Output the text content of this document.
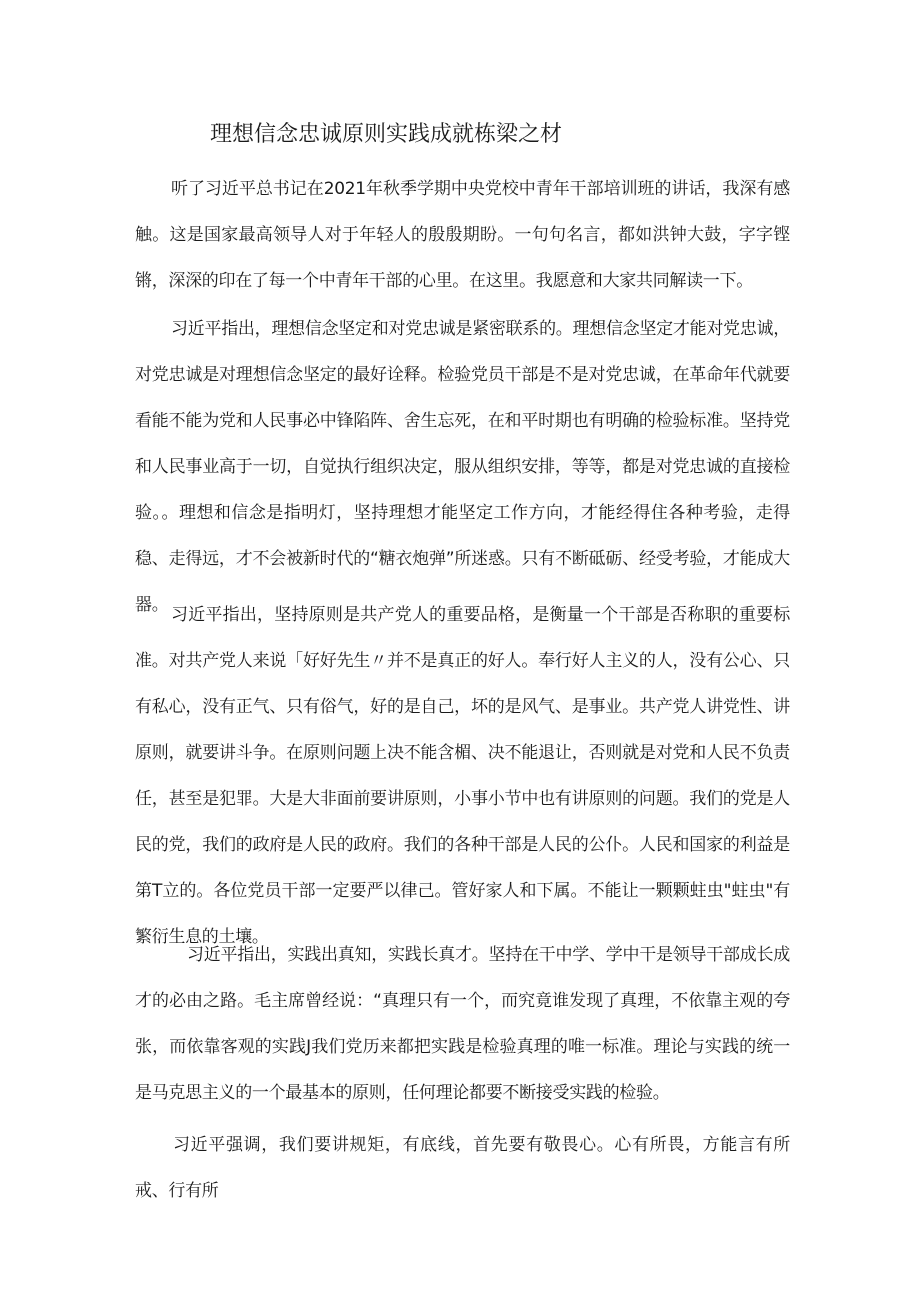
理想信念忠诚原则实践成就栋梁之材

听了习近平总书记在2021年秋季学期中央党校中青年干部培训班的讲话，我深有感触。这是国家最高领导人对于年轻人的殷殷期盼。一句句名言，都如洪钟大鼓，字字铿锵，深深的印在了每一个中青年干部的心里。在这里。我愿意和大家共同解读一下。

习近平指出，理想信念坚定和对党忠诚是紧密联系的。理想信念坚定才能对党忠诚，对党忠诚是对理想信念坚定的最好诠释。检验党员干部是不是对党忠诚，在革命年代就要看能不能为党和人民事必中锋陷阵、舍生忘死，在和平时期也有明确的检验标准。坚持党和人民事业高于一切，自觉执行组织决定，服从组织安排，等等，都是对党忠诚的直接检验。。理想和信念是指明灯，坚持理想才能坚定工作方向，才能经得住各种考验，走得稳、走得远，才不会被新时代的“糖衣炮弹”所迷惑。只有不断砥砺、经受考验，才能成大器。 习近平指出，坚持原则是共产党人的重要品格，是衡量一个干部是否称职的重要标准。对共产党人来说「好好先生〃并不是真正的好人。奉行好人主义的人，没有公心、只有私心，没有正气、只有俗气，好的是自己，坏的是风气、是事业。共产党人讲党性、讲原则，就要讲斗争。在原则问题上决不能含楣、决不能退让，否则就是对党和人民不负责任，甚至是犯罪。大是大非面前要讲原则，小事小节中也有讲原则的问题。我们的党是人民的党，我们的政府是人民的政府。我们的各种干部是人民的公仆。人民和国家的利益是第T立的。各位党员干部一定要严以律己。管好家人和下属。不能让一颗颗蛀虫"蛀虫"有繁衍生息的土壤。

习近平指出，实践出真知，实践长真才。坚持在干中学、学中干是领导干部成长成才的必由之路。毛主席曾经说：“真理只有一个，而究竟谁发现了真理，不依靠主观的夸张，而依靠客观的实践J我们党历来都把实践是检验真理的唯一标准。理论与实践的统一是马克思主义的一个最基本的原则，任何理论都要不断接受实践的检验。

习近平强调，我们要讲规矩，有底线，首先要有敬畏心。心有所畏，方能言有所戒、行有所
